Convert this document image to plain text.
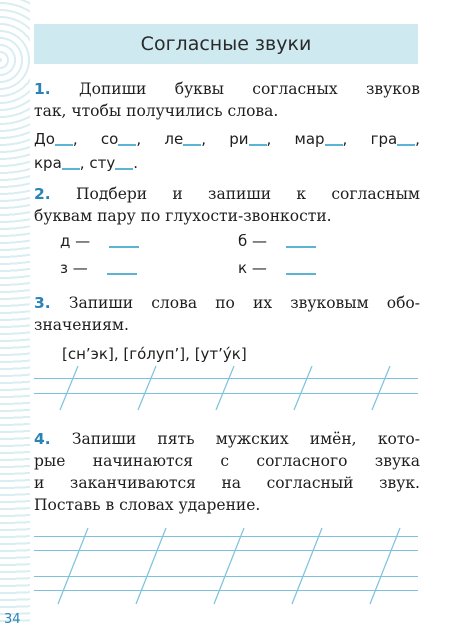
Согласные звуки
1. Допиши буквы согласных звуков
так, чтобы получились слова.
До , со , ле , ри , мар , гра ,
кра , сту .
2. Подбери и запиши к согласным
буквам пару по глухости-звонкости.
д —	б —
з —	к —
3. Запиши слова по их звуковым обо-
значениям.
[сн’эк], [го́луп’], [ут’у́к]
4. Запиши пять мужских имён, кото-
рые начинаются с согласного звука
и заканчиваются на согласный звук.
Поставь в словах ударение.
34
